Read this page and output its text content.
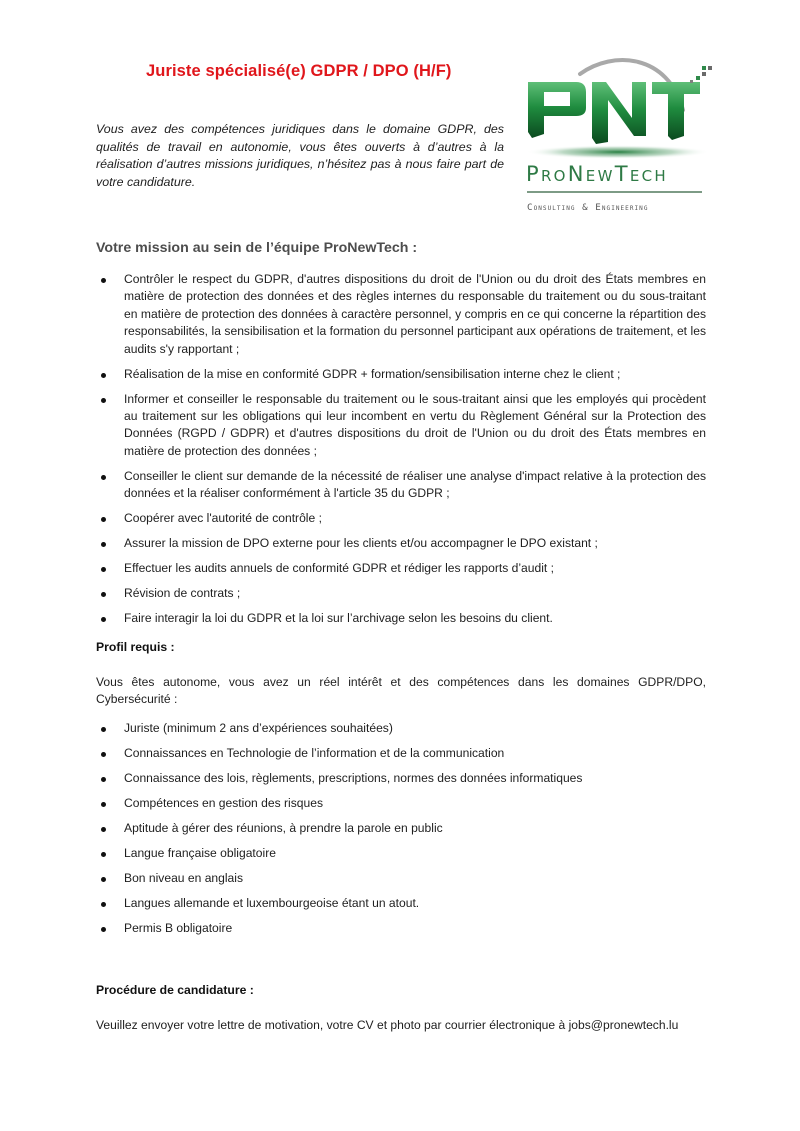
Juriste spécialisé(e) GDPR / DPO (H/F)

Vous avez des compétences juridiques dans le domaine GDPR, des qualités de travail en autonomie, vous êtes ouverts à d’autres à la réalisation d’autres missions juridiques, n’hésitez pas à nous faire part de votre candidature.	ProNewTech
Consulting & Engineering
Votre mission au sein de l’équipe ProNewTech :
Contrôler le respect du GDPR, d'autres dispositions du droit de l'Union ou du droit des États membres en matière de protection des données et des règles internes du responsable du traitement ou du sous-traitant en matière de protection des données à caractère personnel, y compris en ce qui concerne la répartition des responsabilités, la sensibilisation et la formation du personnel participant aux opérations de traitement, et les audits s'y rapportant ;
Réalisation de la mise en conformité GDPR + formation/sensibilisation interne chez le client ;
Informer et conseiller le responsable du traitement ou le sous-traitant ainsi que les employés qui procèdent au traitement sur les obligations qui leur incombent en vertu du Règlement Général sur la Protection des Données (RGPD / GDPR) et d'autres dispositions du droit de l'Union ou du droit des États membres en matière de protection des données ;
Conseiller le client sur demande de la nécessité de réaliser une analyse d'impact relative à la protection des données et la réaliser conformément à l'article 35 du GDPR ;
Coopérer avec l'autorité de contrôle ;
Assurer la mission de DPO externe pour les clients et/ou accompagner le DPO existant ;
Effectuer les audits annuels de conformité GDPR et rédiger les rapports d’audit ;
Révision de contrats ;
Faire interagir la loi du GDPR et la loi sur l’archivage selon les besoins du client.
Profil requis :

Vous êtes autonome, vous avez un réel intérêt et des compétences dans les domaines GDPR/DPO, Cybersécurité :

Juriste (minimum 2 ans d’expériences souhaitées)
Connaissances en Technologie de l’information et de la communication
Connaissance des lois, règlements, prescriptions, normes des données informatiques
Compétences en gestion des risques
Aptitude à gérer des réunions, à prendre la parole en public
Langue française obligatoire
Bon niveau en anglais
Langues allemande et luxembourgeoise étant un atout.
Permis B obligatoire
Procédure de candidature :

Veuillez envoyer votre lettre de motivation, votre CV et photo par courrier électronique à jobs@pronewtech.lu
